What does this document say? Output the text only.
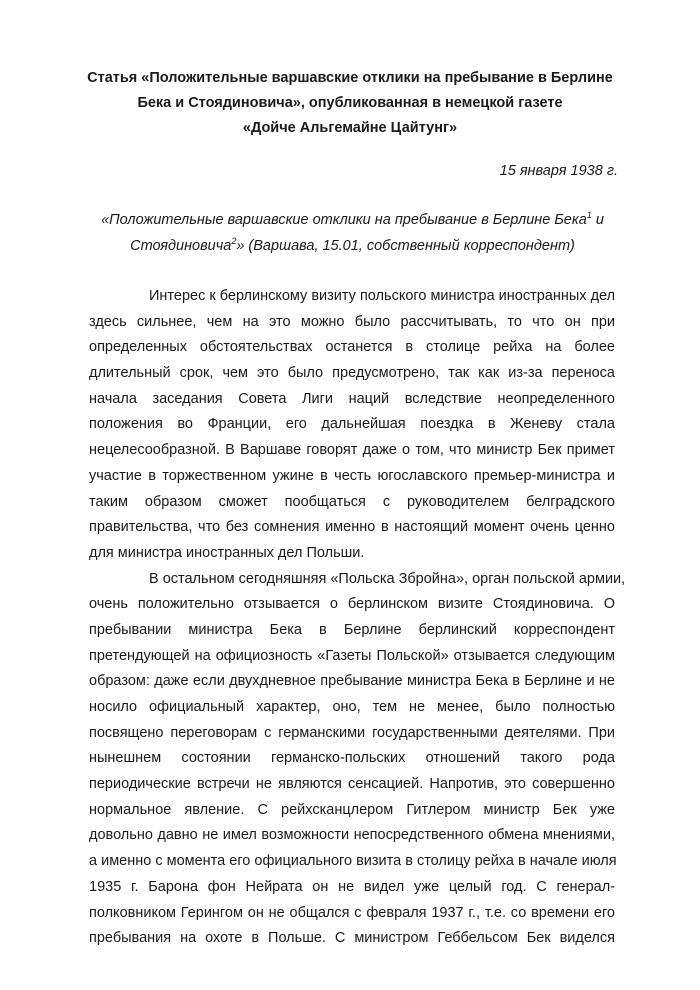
Статья «Положительные варшавские отклики на пребывание в Берлине
Бека и Стоядиновича», опубликованная в немецкой газете
«Дойче Альгемайне Цайтунг»
15 января 1938 г.
«Положительные варшавские отклики на пребывание в Берлине Бека$^1$ и
Стоядиновича$^2$» (Варшава, 15.01, собственный корреспондент)
Интерес к берлинскому визиту польского министра иностранных дел
здесь сильнее, чем на это можно было рассчитывать, то что он при
определенных обстоятельствах останется в столице рейха на более
длительный срок, чем это было предусмотрено, так как из-за переноса
начала заседания Совета Лиги наций вследствие неопределенного
положения во Франции, его дальнейшая поездка в Женеву стала
нецелесообразной. В Варшаве говорят даже о том, что министр Бек примет
участие в торжественном ужине в честь югославского премьер-министра и
таким образом сможет пообщаться с руководителем белградского
правительства, что без сомнения именно в настоящий момент очень ценно
для министра иностранных дел Польши.
В остальном сегодняшняя «Польска Збройна», орган польской армии,
очень положительно отзывается о берлинском визите Стоядиновича. О
пребывании министра Бека в Берлине берлинский корреспондент
претендующей на официозность «Газеты Польской» отзывается следующим
образом: даже если двухдневное пребывание министра Бека в Берлине и не
носило официальный характер, оно, тем не менее, было полностью
посвящено переговорам с германскими государственными деятелями. При
нынешнем состоянии германско-польских отношений такого рода
периодические встречи не являются сенсацией. Напротив, это совершенно
нормальное явление. С рейхсканцлером Гитлером министр Бек уже
довольно давно не имел возможности непосредственного обмена мнениями,
а именно с момента его официального визита в столицу рейха в начале июля
1935 г. Барона фон Нейрата он не видел уже целый год. С генерал-
полковником Герингом он не общался с февраля 1937 г., т.е. со времени его
пребывания на охоте в Польше. С министром Геббельсом Бек виделся
